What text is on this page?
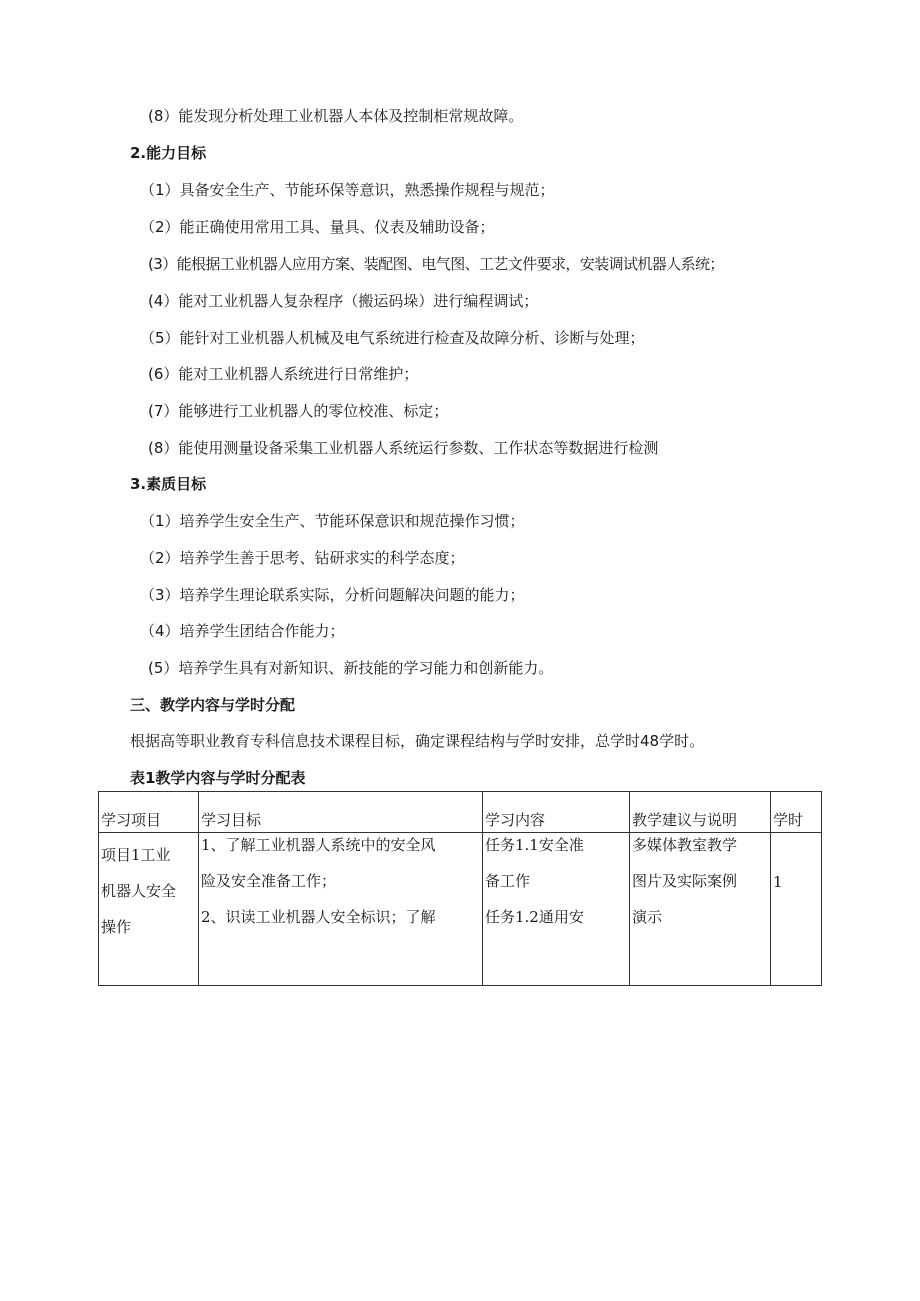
(8）能发现分析处理工业机器人本体及控制柜常规故障。
2.能力目标
（1）具备安全生产、节能环保等意识，熟悉操作规程与规范；
（2）能正确使用常用工具、量具、仪表及辅助设备；
(3）能根据工业机器人应用方案、装配图、电气图、工艺文件要求，安装调试机器人系统；
(4）能对工业机器人复杂程序（搬运码垛）进行编程调试；
（5）能针对工业机器人机械及电气系统进行检查及故障分析、诊断与处理；
(6）能对工业机器人系统进行日常维护；
(7）能够进行工业机器人的零位校准、标定；
(8）能使用测量设备采集工业机器人系统运行参数、工作状态等数据进行检测
3.素质目标
（1）培养学生安全生产、节能环保意识和规范操作习惯；
（2）培养学生善于思考、钻研求实的科学态度；
（3）培养学生理论联系实际，分析问题解决问题的能力；
（4）培养学生团结合作能力；
(5）培养学生具有对新知识、新技能的学习能力和创新能力。
三、教学内容与学时分配
根据高等职业教育专科信息技术课程目标，确定课程结构与学时安排，总学时48学时。
表1教学内容与学时分配表
学习项目	学习目标	学习内容	教学建议与说明	学时

项目1工业
机器人安全
操作	1、了解工业机器人系统中的安全风
险及安全准备工作；
2、识读工业机器人安全标识；了解	任务1.1安全准
备工作
任务1.2通用安	多媒体教室教学
图片及实际案例
演示	1
